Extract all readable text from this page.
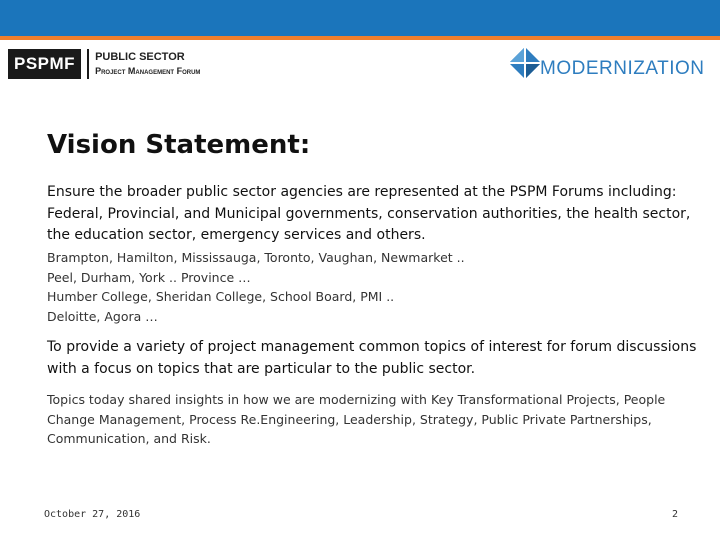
PSPMF	PUBLIC SECTOR
Project Management Forum	MODERNIZATION
Vision Statement:
Ensure the broader public sector agencies are represented at the PSPM Forums including: Federal, Provincial, and Municipal governments, conservation authorities, the health sector, the education sector, emergency services and others.
Brampton, Hamilton, Mississauga, Toronto, Vaughan, Newmarket ..
Peel, Durham, York .. Province …
Humber College, Sheridan College, School Board, PMI ..
Deloitte, Agora …
To provide a variety of project management common topics of interest for forum discussions with a focus on topics that are particular to the public sector.
Topics today shared insights in how we are modernizing with Key Transformational Projects, People Change Management, Process Re.Engineering, Leadership, Strategy, Public Private Partnerships, Communication, and Risk.
October 27, 2016	2
